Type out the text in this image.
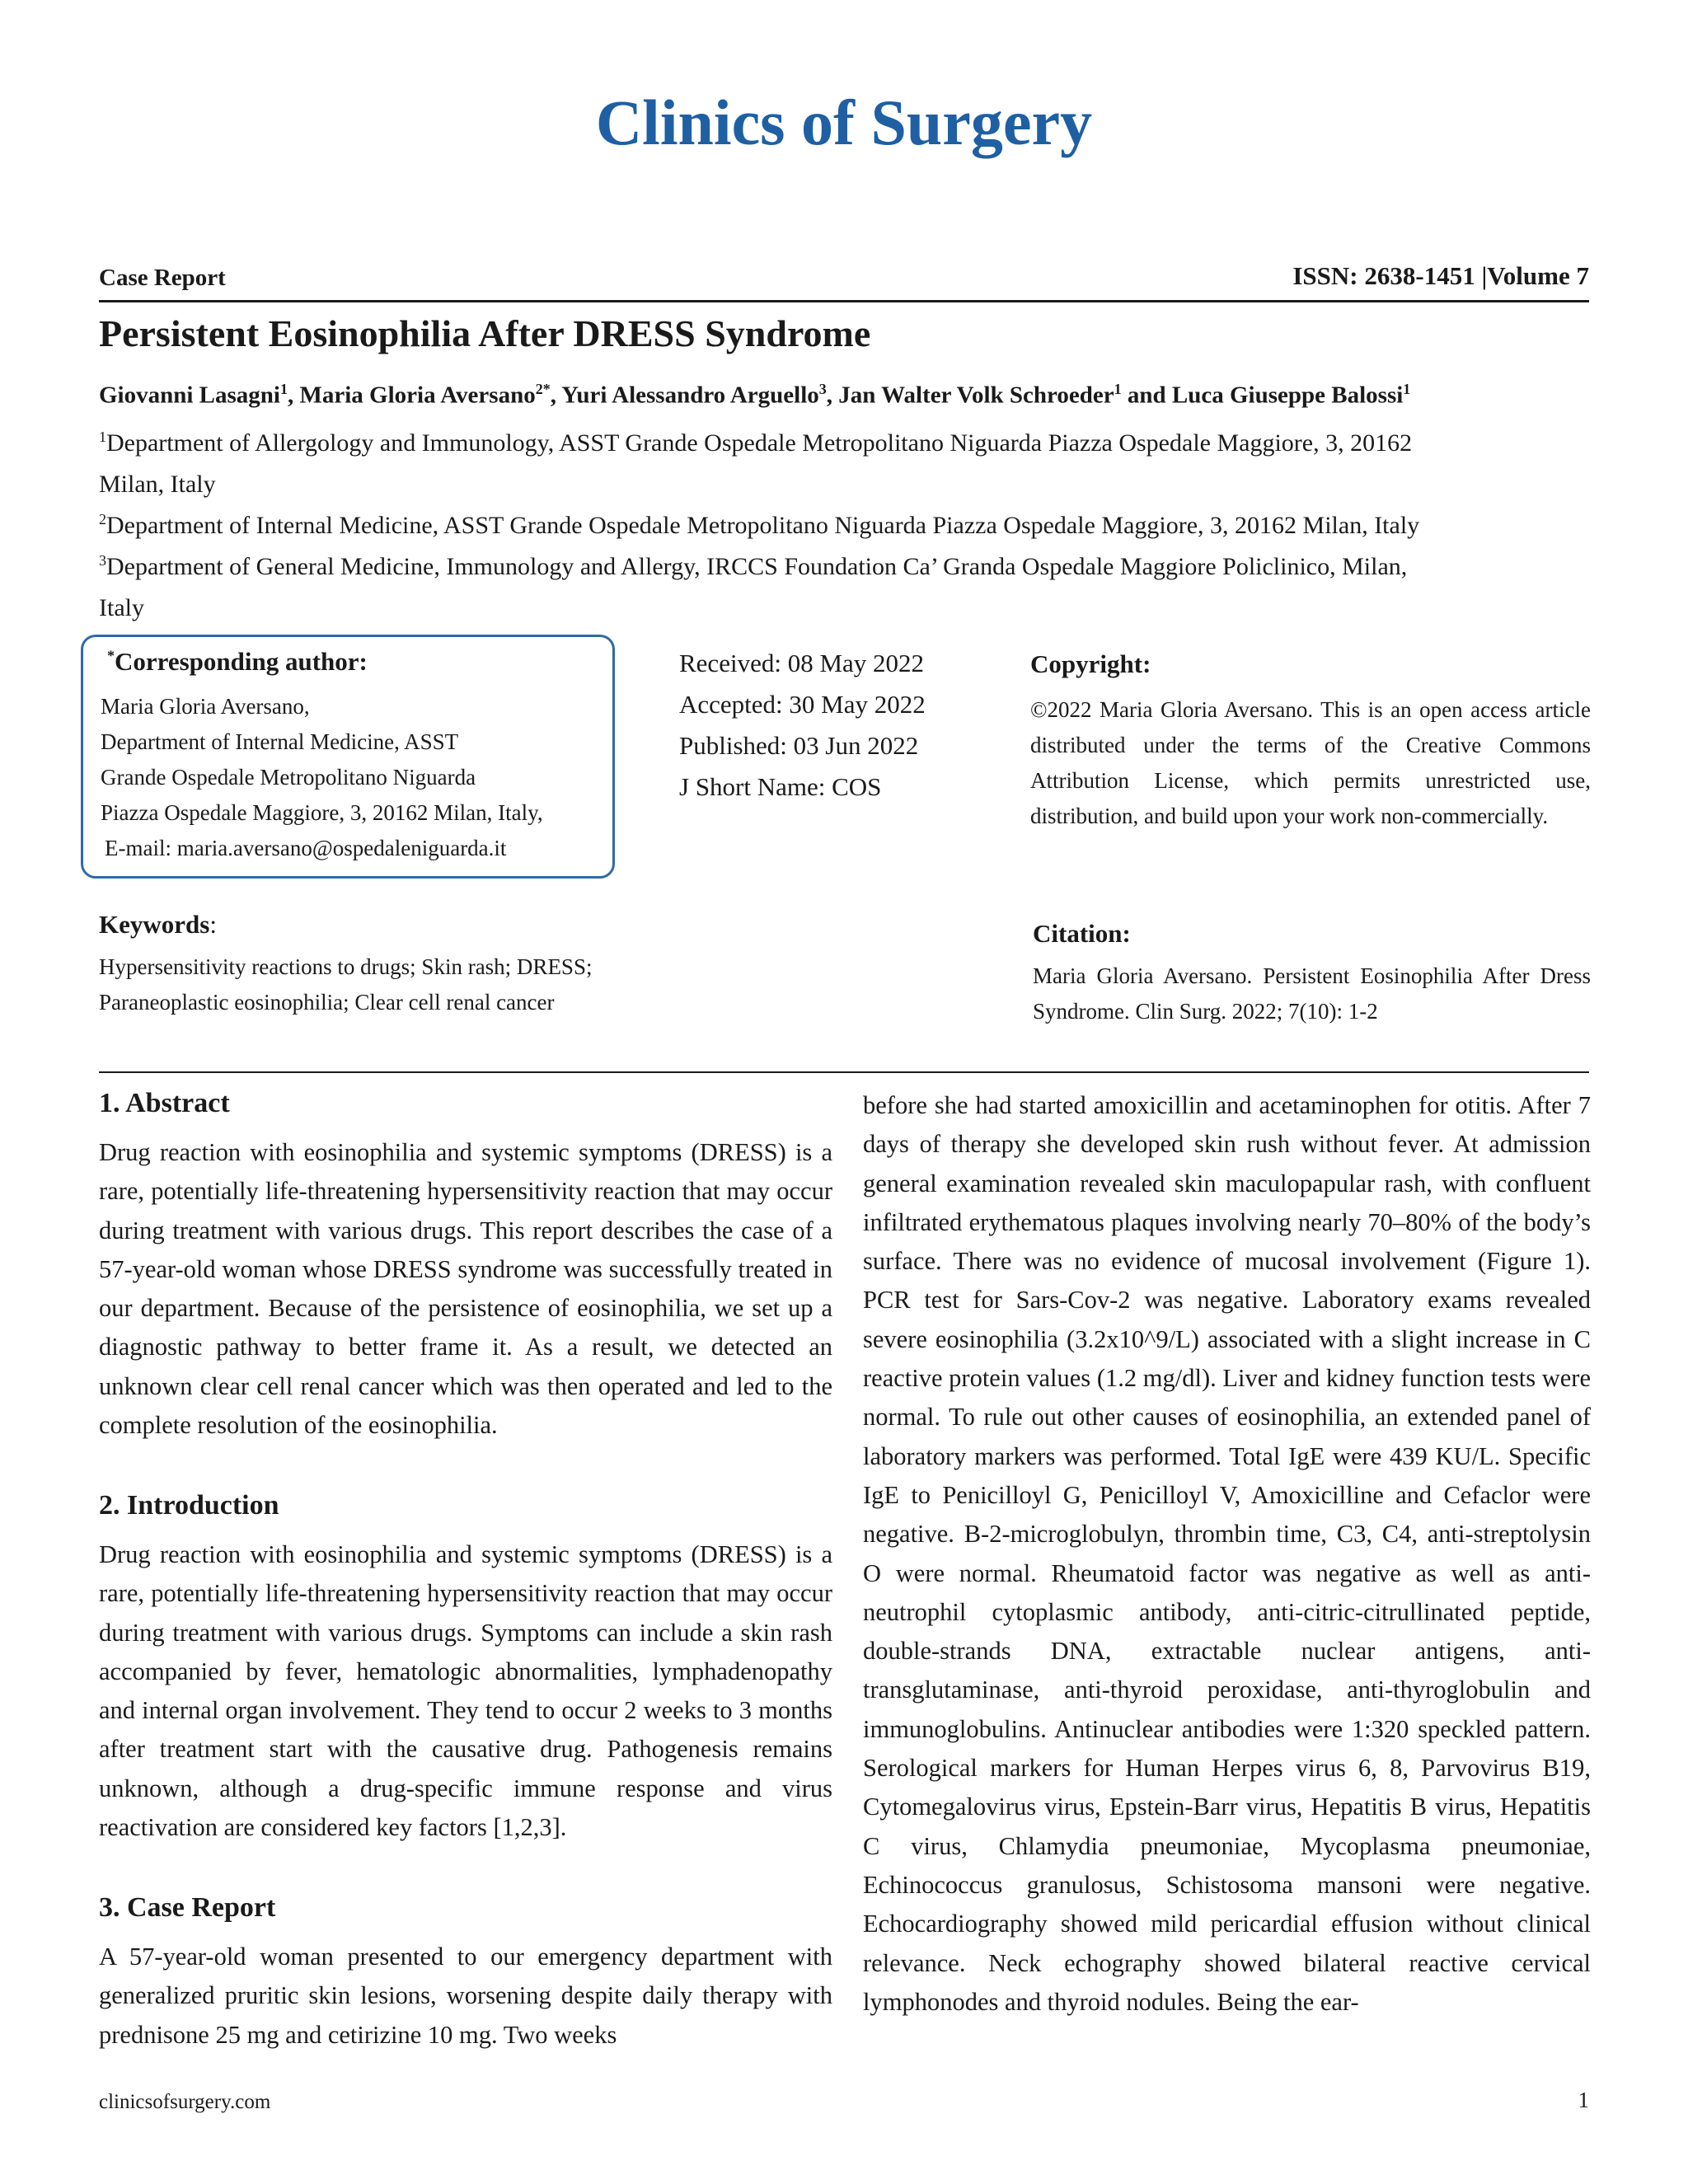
Clinics of Surgery
Case Report	ISSN: 2638-1451 |Volume 7
Persistent Eosinophilia After DRESS Syndrome
Giovanni Lasagni$^1$, Maria Gloria Aversano$^{2*}$, Yuri Alessandro Arguello$^3$, Jan Walter Volk Schroeder$^1$ and Luca Giuseppe Balossi$^1$
$^1$Department of Allergology and Immunology, ASST Grande Ospedale Metropolitano Niguarda Piazza Ospedale Maggiore, 3, 20162
Milan, Italy
$^2$Department of Internal Medicine, ASST Grande Ospedale Metropolitano Niguarda Piazza Ospedale Maggiore, 3, 20162 Milan, Italy
$^3$Department of General Medicine, Immunology and Allergy, IRCCS Foundation Ca’ Granda Ospedale Maggiore Policlinico, Milan,
Italy
*Corresponding author:
Maria Gloria Aversano,
Department of Internal Medicine, ASST
Grande Ospedale Metropolitano Niguarda
Piazza Ospedale Maggiore, 3, 20162 Milan, Italy,
E-mail: maria.aversano@ospedaleniguarda.it
Received: 08 May 2022
Accepted: 30 May 2022
Published: 03 Jun 2022
J Short Name: COS
Copyright:
©2022 Maria Gloria Aversano. This is an open access article distributed under the terms of the Creative Commons Attribution License, which permits unrestricted use, distribution, and build upon your work non-commercially.
Keywords:
Hypersensitivity reactions to drugs; Skin rash; DRESS; Paraneoplastic eosinophilia; Clear cell renal cancer
Citation:
Maria Gloria Aversano. Persistent Eosinophilia After Dress Syndrome. Clin Surg. 2022; 7(10): 1-2
1. Abstract
Drug reaction with eosinophilia and systemic symptoms (DRESS) is a rare, potentially life-threatening hypersensitivity reaction that may occur during treatment with various drugs. This report describes the case of a 57-year-old woman whose DRESS syndrome was successfully treated in our department. Because of the persistence of eosinophilia, we set up a diagnostic pathway to better frame it. As a result, we detected an unknown clear cell renal cancer which was then operated and led to the complete resolution of the eosinophilia.
2. Introduction
Drug reaction with eosinophilia and systemic symptoms (DRESS) is a rare, potentially life-threatening hypersensitivity reaction that may occur during treatment with various drugs. Symptoms can include a skin rash accompanied by fever, hematologic abnormalities, lymphadenopathy and internal organ involvement. They tend to occur 2 weeks to 3 months after treatment start with the causative drug. Pathogenesis remains unknown, although a drug-specific immune response and virus reactivation are considered key factors [1,2,3].
3. Case Report
A 57-year-old woman presented to our emergency department with generalized pruritic skin lesions, worsening despite daily therapy with prednisone 25 mg and cetirizine 10 mg. Two weeks
before she had started amoxicillin and acetaminophen for otitis. After 7 days of therapy she developed skin rush without fever. At admission general examination revealed skin maculopapular rash, with confluent infiltrated erythematous plaques involving nearly 70–80% of the body’s surface. There was no evidence of mucosal involvement (Figure 1). PCR test for Sars-Cov-2 was negative. Laboratory exams revealed severe eosinophilia (3.2x10^9/L) associated with a slight increase in C reactive protein values (1.2 mg/dl). Liver and kidney function tests were normal. To rule out other causes of eosinophilia, an extended panel of laboratory markers was performed. Total IgE were 439 KU/L. Specific IgE to Penicilloyl G, Penicilloyl V, Amoxicilline and Cefaclor were negative. B-2-microglobulyn, thrombin time, C3, C4, anti-streptolysin O were normal. Rheumatoid factor was negative as well as anti-neutrophil cytoplasmic antibody, anti-citric-citrullinated peptide, double-strands DNA, extractable nuclear antigens, anti-transglutaminase, anti-thyroid peroxidase, anti-thyroglobulin and immunoglobulins. Antinuclear antibodies were 1:320 speckled pattern. Serological markers for Human Herpes virus 6, 8, Parvovirus B19, Cytomegalovirus virus, Epstein-Barr virus, Hepatitis B virus, Hepatitis C virus, Chlamydia pneumoniae, Mycoplasma pneumoniae, Echinococcus granulosus, Schistosoma mansoni were negative. Echocardiography showed mild pericardial effusion without clinical relevance. Neck echography showed bilateral reactive cervical lymphonodes and thyroid nodules. Being the ear-
clinicsofsurgery.com	1
